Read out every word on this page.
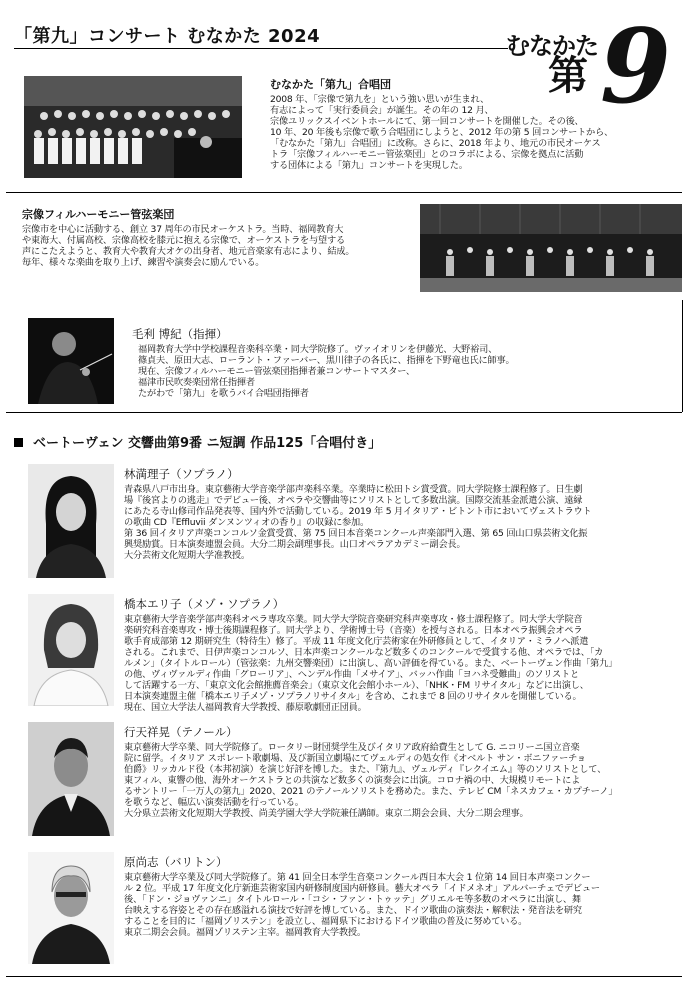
「第九」コンサート むなかた 2024	むなかた
第 9
むなかた「第九」合唱団

2008 年、「宗像で第九を」という強い思いが生まれ、

有志によって「実行委員会」が誕生。その年の 12 月、

宗像ユリックスイベントホールにて、第一回コンサートを開催した。その後、

10 年、20 年後も宗像で歌う合唱団にしようと、2012 年の第 5 回コンサートから、

「むなかた「第九」合唱団」に改称。さらに、2018 年より、地元の市民オーケス

トラ「宗像フィルハーモニー管弦楽団」とのコラボによる、宗像を拠点に活動

する団体による「第九」コンサートを実現した。

宗像フィルハーモニー管弦楽団

宗像市を中心に活動する、創立 37 周年の市民オーケストラ。当時、福岡教育大

や東海大、付属高校、宗像高校を膝元に抱える宗像で、オーケストラを与望する

声にこたえようと、教育大や教育大オケの出身者、地元音楽家有志により、結成。

毎年、様々な楽曲を取り上げ、練習や演奏会に励んでいる。

毛利 博紀（指揮）

福岡教育大学中学校課程音楽科卒業・同大学院修了。ヴァイオリンを伊藤光、大野裕司、

篠貞夫、原田大志、ローラント・ファーバー、黒川律子の各氏に、指揮を下野竜也氏に師事。

現在、宗像フィルハーモニー管弦楽団指揮者兼コンサートマスター、

福津市民吹奏楽団常任指揮者

たがわで「第九」を歌うバイ合唱団指揮者

ベートーヴェン 交響曲第9番 ニ短調 作品125「合唱付き」
林満理子（ソプラノ）

青森県八戸市出身。東京藝術大学音楽学部声楽科卒業。卒業時に松田トシ賞受賞。同大学院修士課程修了。日生劇

場『後宮よりの逃走』でデビュー後、オペラや交響曲等にソリストとして多数出演。国際交流基金派遣公演、遠縁

にあたる寺山修司作品発表等、国内外で活動している。2019 年 5 月イタリア・ビトント市においてヴェストラウト

の歌曲 CD『Effluvii ダンヌンツィオの香り』の収録に参加。

第 36 回イタリア声楽コンコルソ金賞受賞、第 75 回日本音楽コンクール声楽部門入選、第 65 回山口県芸術文化振

興奨励賞。日本演奏連盟会員。大分二期会副理事長。山口オペラアカデミー副会長。

大分芸術文化短期大学准教授。

橋本エリ子（メゾ・ソプラノ）

東京藝術大学音楽学部声楽科オペラ専攻卒業。同大学大学院音楽研究科声楽専攻・修士課程修了。同大学大学院音

楽研究科音楽専攻・博士後期課程修了。同大学より、学術博士号（音楽）を授与される。日本オペラ振興会オペラ

歌手育成部第 12 期研究生（特待生）修了。平成 11 年度文化庁芸術家在外研修員として、イタリア・ミラノへ派遣

される。これまで、日伊声楽コンコルソ、日本声楽コンクールなど数多くのコンクールで受賞する他、オペラでは、「カ

ルメン」（タイトルロール）（管弦楽：九州交響楽団）に出演し、高い評価を得ている。また、ベートーヴェン作曲「第九」

の他、ヴィヴァルディ作曲「グローリア」、ヘンデル作曲「メサイア」、バッハ作曲「ヨハネ受難曲」のソリストと

して活躍する一方、「東京文化会館推薦音楽会」（東京文化会館小ホール）、「NHK・FM リサイタル」などに出演し、

日本演奏連盟主催「橋本エリ子メゾ・ソプラノリサイタル」を含め、これまで 8 回のリサイタルを開催している。

現在、国立大学法人福岡教育大学教授、藤原歌劇団正団員。

行天祥晃（テノール）

東京藝術大学卒業、同大学院修了。ロータリー財団奨学生及びイタリア政府給費生として G. ニコリーニ国立音楽

院に留学。イタリア スポレート歌劇場、及び新国立劇場にてヴェルディの処女作《オベルト サン・ボニファーチョ

伯爵》リッカルド役（本邦初演）を演じ好評を博した。また、『第九』、ヴェルディ『レクイエム』等のソリストとして、

東フィル、東響の他、海外オーケストラとの共演など数多くの演奏会に出演。コロナ禍の中、大規模リモートによ

るサントリー「一万人の第九」2020、2021 のテノールソリストを務めた。また、テレビ CM「ネスカフェ・カプチーノ」

を歌うなど、幅広い演奏活動を行っている。

大分県立芸術文化短期大学教授、尚美学園大学大学院兼任講師。東京二期会会員、大分二期会理事。

原尚志（バリトン）

東京藝術大学卒業及び同大学院修了。第 41 回全日本学生音楽コンクール西日本大会 1 位第 14 回日本声楽コンクー

ル 2 位。平成 17 年度文化庁新進芸術家国内研修制度国内研修員。藝大オペラ「イドメネオ」アルバーチェでデビュー

後、「ドン・ジョヴァンニ」タイトルロール・「コシ・ファン・トゥッテ」グリエルモ等多数のオペラに出演し、舞

台映えする容姿とその存在感溢れる演技で好評を博している。また、ドイツ歌曲の演奏法・解釈法・発音法を研究

することを目的に「福岡ゾリステン」を設立し、福岡県下におけるドイツ歌曲の普及に努めている。

東京二期会会員。福岡ゾリステン主宰。福岡教育大学教授。
